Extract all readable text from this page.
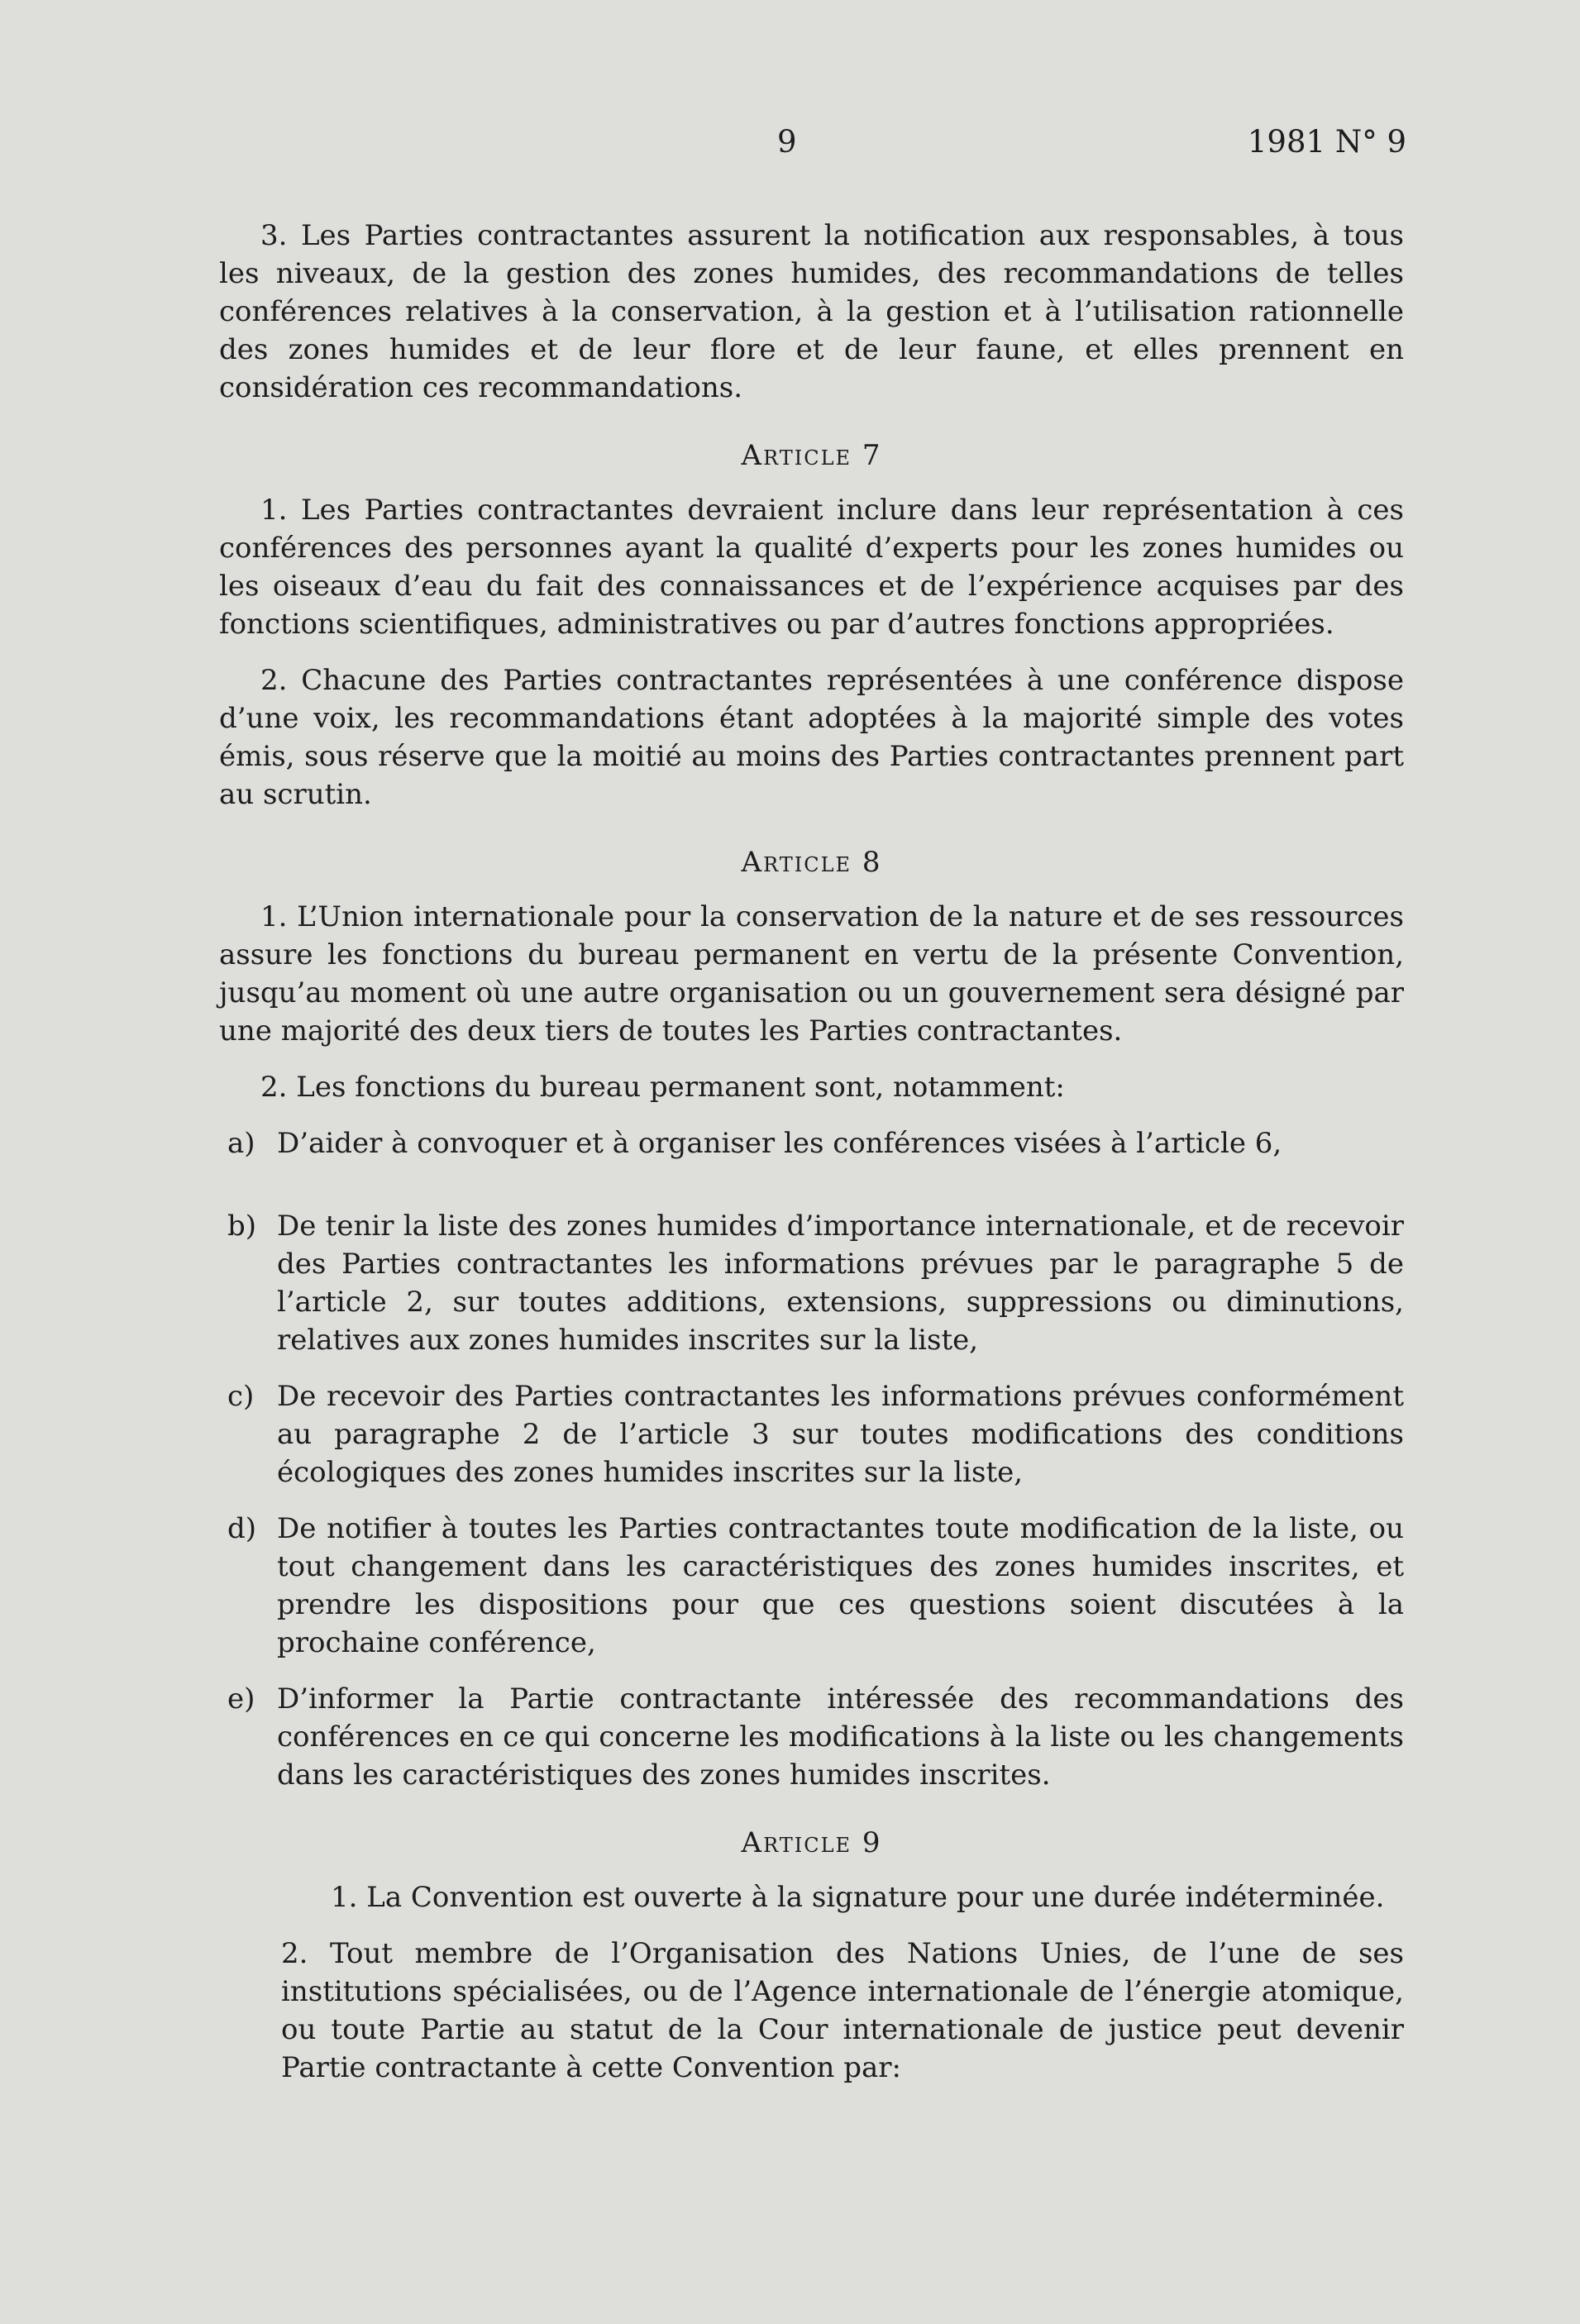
9	1981 N° 9

3. Les Parties contractantes assurent la notification aux responsables, à tous les niveaux, de la gestion des zones humides, des recommandations de telles conférences relatives à la conservation, à la gestion et à l’utilisation rationnelle des zones humides et de leur flore et de leur faune, et elles prennent en considération ces recommandations.

Article 7

1. Les Parties contractantes devraient inclure dans leur représentation à ces conférences des personnes ayant la qualité d’experts pour les zones humides ou les oiseaux d’eau du fait des connaissances et de l’expérience acquises par des fonctions scientifiques, administratives ou par d’autres fonctions appropriées.

2. Chacune des Parties contractantes représentées à une conférence dispose d’une voix, les recommandations étant adoptées à la majorité simple des votes émis, sous réserve que la moitié au moins des Parties contractantes prennent part au scrutin.

Article 8

1. L’Union internationale pour la conservation de la nature et de ses ressources assure les fonctions du bureau permanent en vertu de la présente Convention, jusqu’au moment où une autre organisation ou un gouvernement sera désigné par une majorité des deux tiers de toutes les Parties contractantes.

2. Les fonctions du bureau permanent sont, notamment:

a) D’aider à convoquer et à organiser les conférences visées à l’article 6,
b) De tenir la liste des zones humides d’importance internationale, et de recevoir des Parties contractantes les informations prévues par le paragraphe 5 de l’article 2, sur toutes additions, extensions, suppressions ou diminutions, relatives aux zones humides inscrites sur la liste,
c) De recevoir des Parties contractantes les informations prévues conformément au paragraphe 2 de l’article 3 sur toutes modifications des conditions écologiques des zones humides inscrites sur la liste,
d) De notifier à toutes les Parties contractantes toute modification de la liste, ou tout changement dans les caractéristiques des zones humides inscrites, et prendre les dispositions pour que ces questions soient discutées à la prochaine conférence,
e) D’informer la Partie contractante intéressée des recommandations des conférences en ce qui concerne les modifications à la liste ou les changements dans les caractéristiques des zones humides inscrites.
Article 9

1. La Convention est ouverte à la signature pour une durée indéterminée.

2. Tout membre de l’Organisation des Nations Unies, de l’une de ses institutions spécialisées, ou de l’Agence internationale de l’énergie atomique, ou toute Partie au statut de la Cour internationale de justice peut devenir Partie contractante à cette Convention par:
